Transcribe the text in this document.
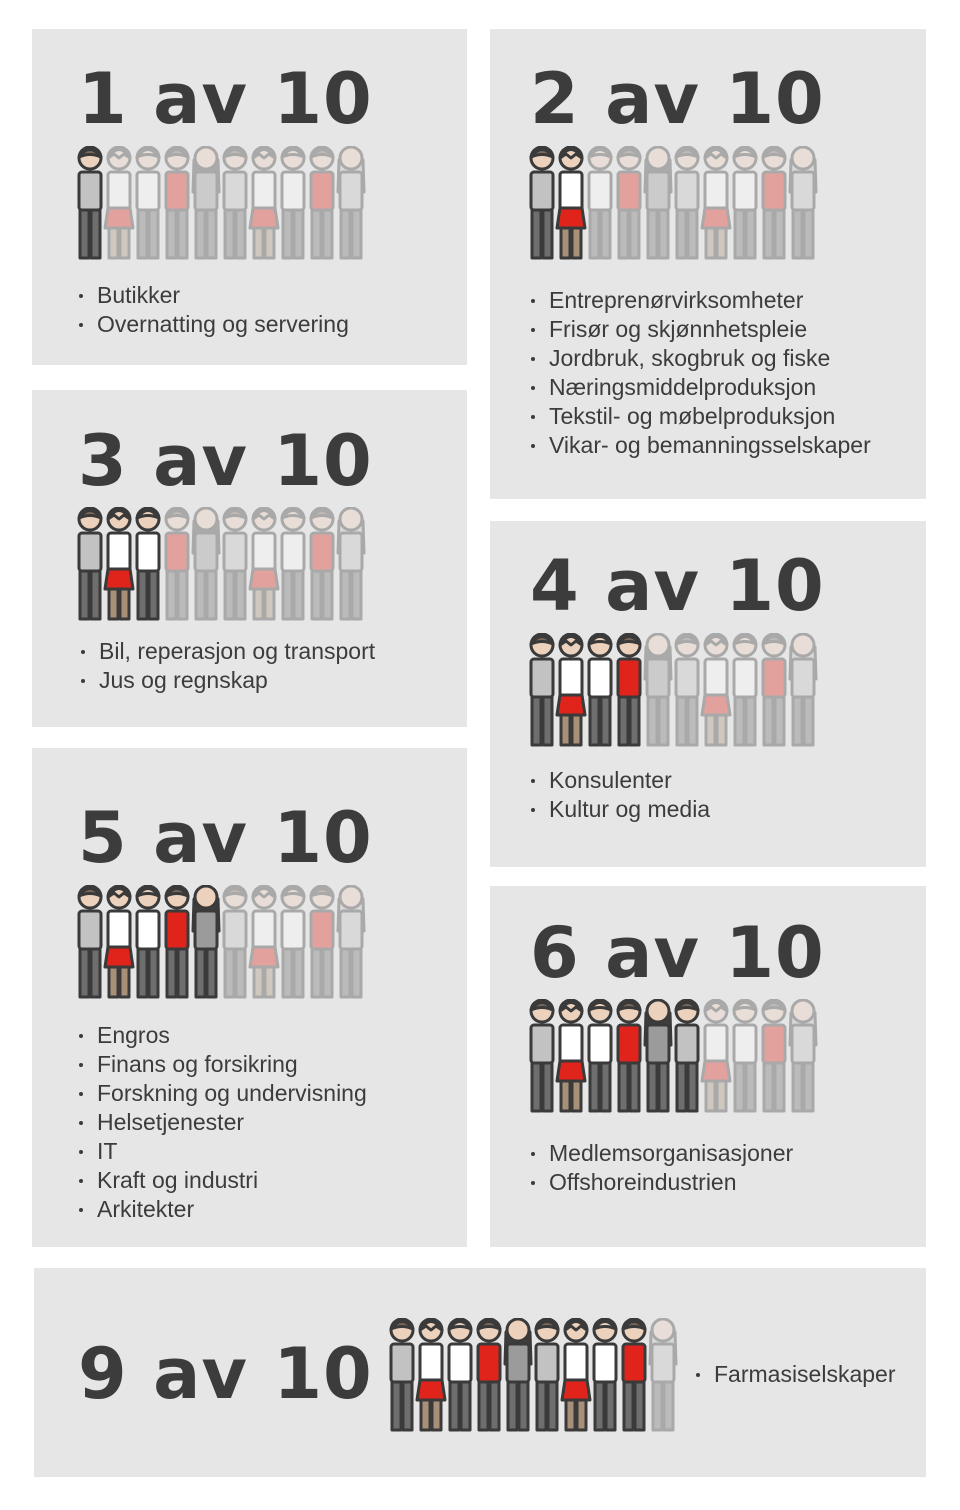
1 av 10
Butikker
Overnatting og servering
2 av 10
Entreprenørvirksomheter
Frisør og skjønnhetspleie
Jordbruk, skogbruk og fiske
Næringsmiddelproduksjon
Tekstil- og møbelproduksjon
Vikar- og bemanningsselskaper
3 av 10
Bil, reperasjon og transport
Jus og regnskap
4 av 10
Konsulenter
Kultur og media
5 av 10
Engros
Finans og forsikring
Forskning og undervisning
Helsetjenester
IT
Kraft og industri
Arkitekter
6 av 10
Medlemsorganisasjoner
Offshoreindustrien
9 av 10	Farmasiselskaper
